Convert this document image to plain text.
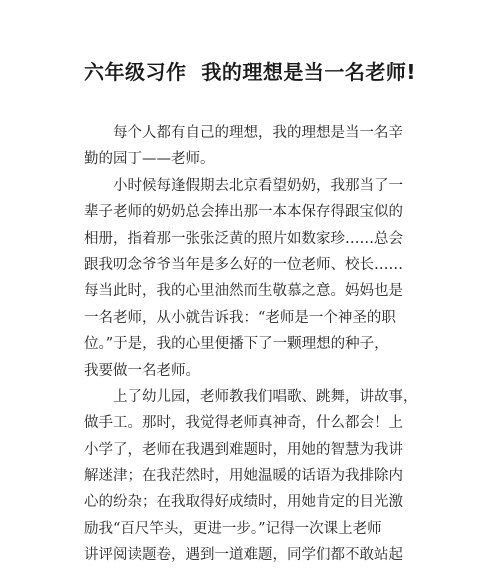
六年级习作  我的理想是当一名老师!
每个人都有自己的理想，我的理想是当一名辛
勤的园丁——老师。
小时候每逢假期去北京看望奶奶，我那当了一
辈子老师的奶奶总会捧出那一本本保存得跟宝似的
相册，指着那一张张泛黄的照片如数家珍……总会
跟我叨念爷爷当年是多么好的一位老师、校长……
每当此时，我的心里油然而生敬慕之意。妈妈也是
一名老师，从小就告诉我：“老师是一个神圣的职
位。”于是，我的心里便播下了一颗理想的种子，
我要做一名老师。
上了幼儿园，老师教我们唱歌、跳舞，讲故事，
做手工。那时，我觉得老师真神奇，什么都会！上
小学了，老师在我遇到难题时，用她的智慧为我讲
解迷津；在我茫然时，用她温暖的话语为我排除内
心的纷杂；在我取得好成绩时，用她肯定的目光激
励我“百尺竿头，更进一步。”记得一次课上老师
讲评阅读题卷，遇到一道难题，同学们都不敢站起
